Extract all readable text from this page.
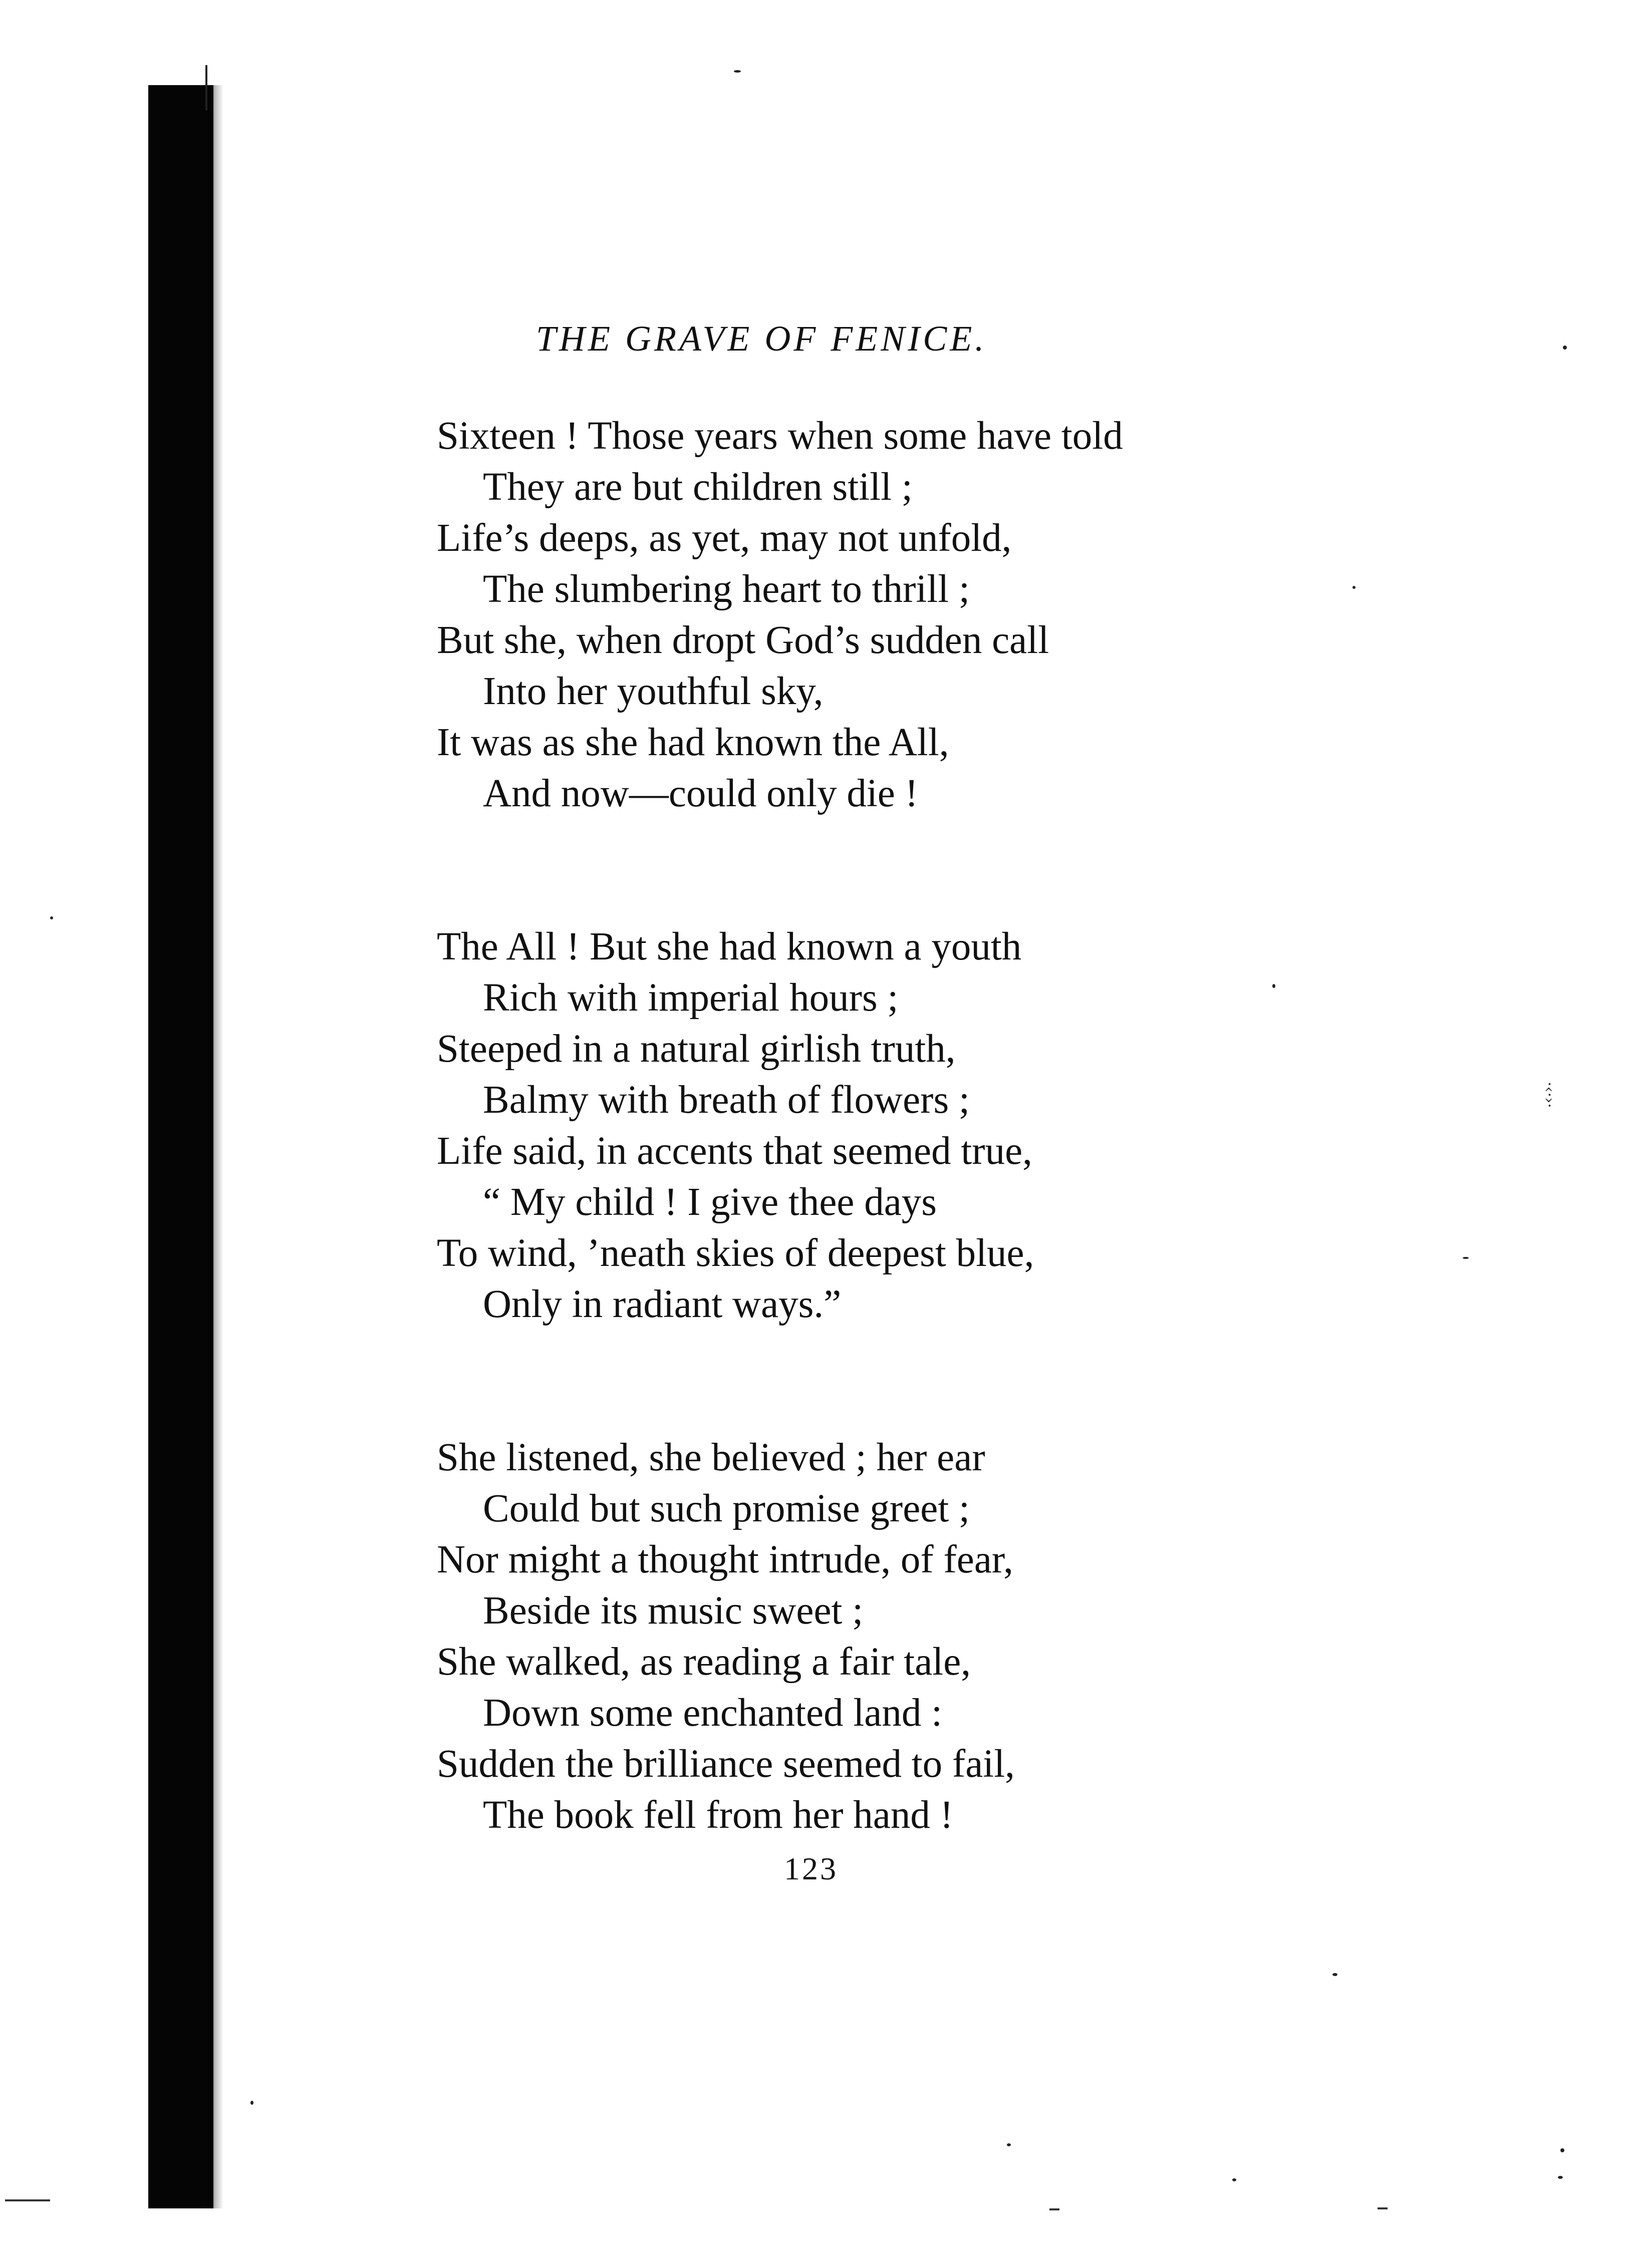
·‹·›·
THE GRAVE OF FENICE.
Sixteen ! Those years when some have told
They are but children still ;
Life’s deeps, as yet, may not unfold,
The slumbering heart to thrill ;
But she, when dropt God’s sudden call
Into her youthful sky,
It was as she had known the All,
And now—could only die !
The All ! But she had known a youth
Rich with imperial hours ;
Steeped in a natural girlish truth,
Balmy with breath of flowers ;
Life said, in accents that seemed true,
“ My child ! I give thee days
To wind, ’neath skies of deepest blue,
Only in radiant ways.”
She listened, she believed ; her ear
Could but such promise greet ;
Nor might a thought intrude, of fear,
Beside its music sweet ;
She walked, as reading a fair tale,
Down some enchanted land :
Sudden the brilliance seemed to fail,
The book fell from her hand !
123
